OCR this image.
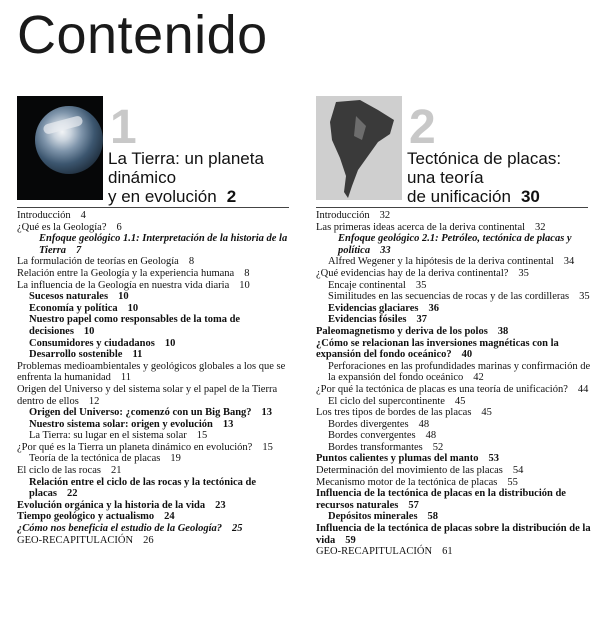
Contenido
1
La Tierra: un planeta
dinámico
y en evolución 2
2
Tectónica de placas:
una teoría
de unificación 30
Introducción 4
¿Qué es la Geología? 6
Enfoque geológico 1.1: Interpretación de la historia de la Tierra 7
La formulación de teorías en Geología 8
Relación entre la Geología y la experiencia humana 8
La influencia de la Geología en nuestra vida diaria 10
Sucesos naturales 10
Economía y política 10
Nuestro papel como responsables de la toma de decisiones 10
Consumidores y ciudadanos 10
Desarrollo sostenible 11
Problemas medioambientales y geológicos globales a los que se enfrenta la humanidad 11
Origen del Universo y del sistema solar y el papel de la Tierra dentro de ellos 12
Origen del Universo: ¿comenzó con un Big Bang? 13
Nuestro sistema solar: origen y evolución 13
La Tierra: su lugar en el sistema solar 15
¿Por qué es la Tierra un planeta dinámico en evolución? 15
Teoría de la tectónica de placas 19
El ciclo de las rocas 21
Relación entre el ciclo de las rocas y la tectónica de placas 22
Evolución orgánica y la historia de la vida 23
Tiempo geológico y actualismo 24
¿Cómo nos beneficia el estudio de la Geología? 25
GEO-RECAPITULACIÓN 26
Introducción 32
Las primeras ideas acerca de la deriva continental 32
Enfoque geológico 2.1: Petróleo, tectónica de placas y política 33
Alfred Wegener y la hipótesis de la deriva continental 34
¿Qué evidencias hay de la deriva continental? 35
Encaje continental 35
Similitudes en las secuencias de rocas y de las cordilleras 35
Evidencias glaciares 36
Evidencias fósiles 37
Paleomagnetismo y deriva de los polos 38
¿Cómo se relacionan las inversiones magnéticas con la expansión del fondo oceánico? 40
Perforaciones en las profundidades marinas y confirmación de la expansión del fondo oceánico 42
¿Por qué la tectónica de placas es una teoría de unificación? 44
El ciclo del supercontinente 45
Los tres tipos de bordes de las placas 45
Bordes divergentes 48
Bordes convergentes 48
Bordes transformantes 52
Puntos calientes y plumas del manto 53
Determinación del movimiento de las placas 54
Mecanismo motor de la tectónica de placas 55
Influencia de la tectónica de placas en la distribución de recursos naturales 57
Depósitos minerales 58
Influencia de la tectónica de placas sobre la distribución de la vida 59
GEO-RECAPITULACIÓN 61
